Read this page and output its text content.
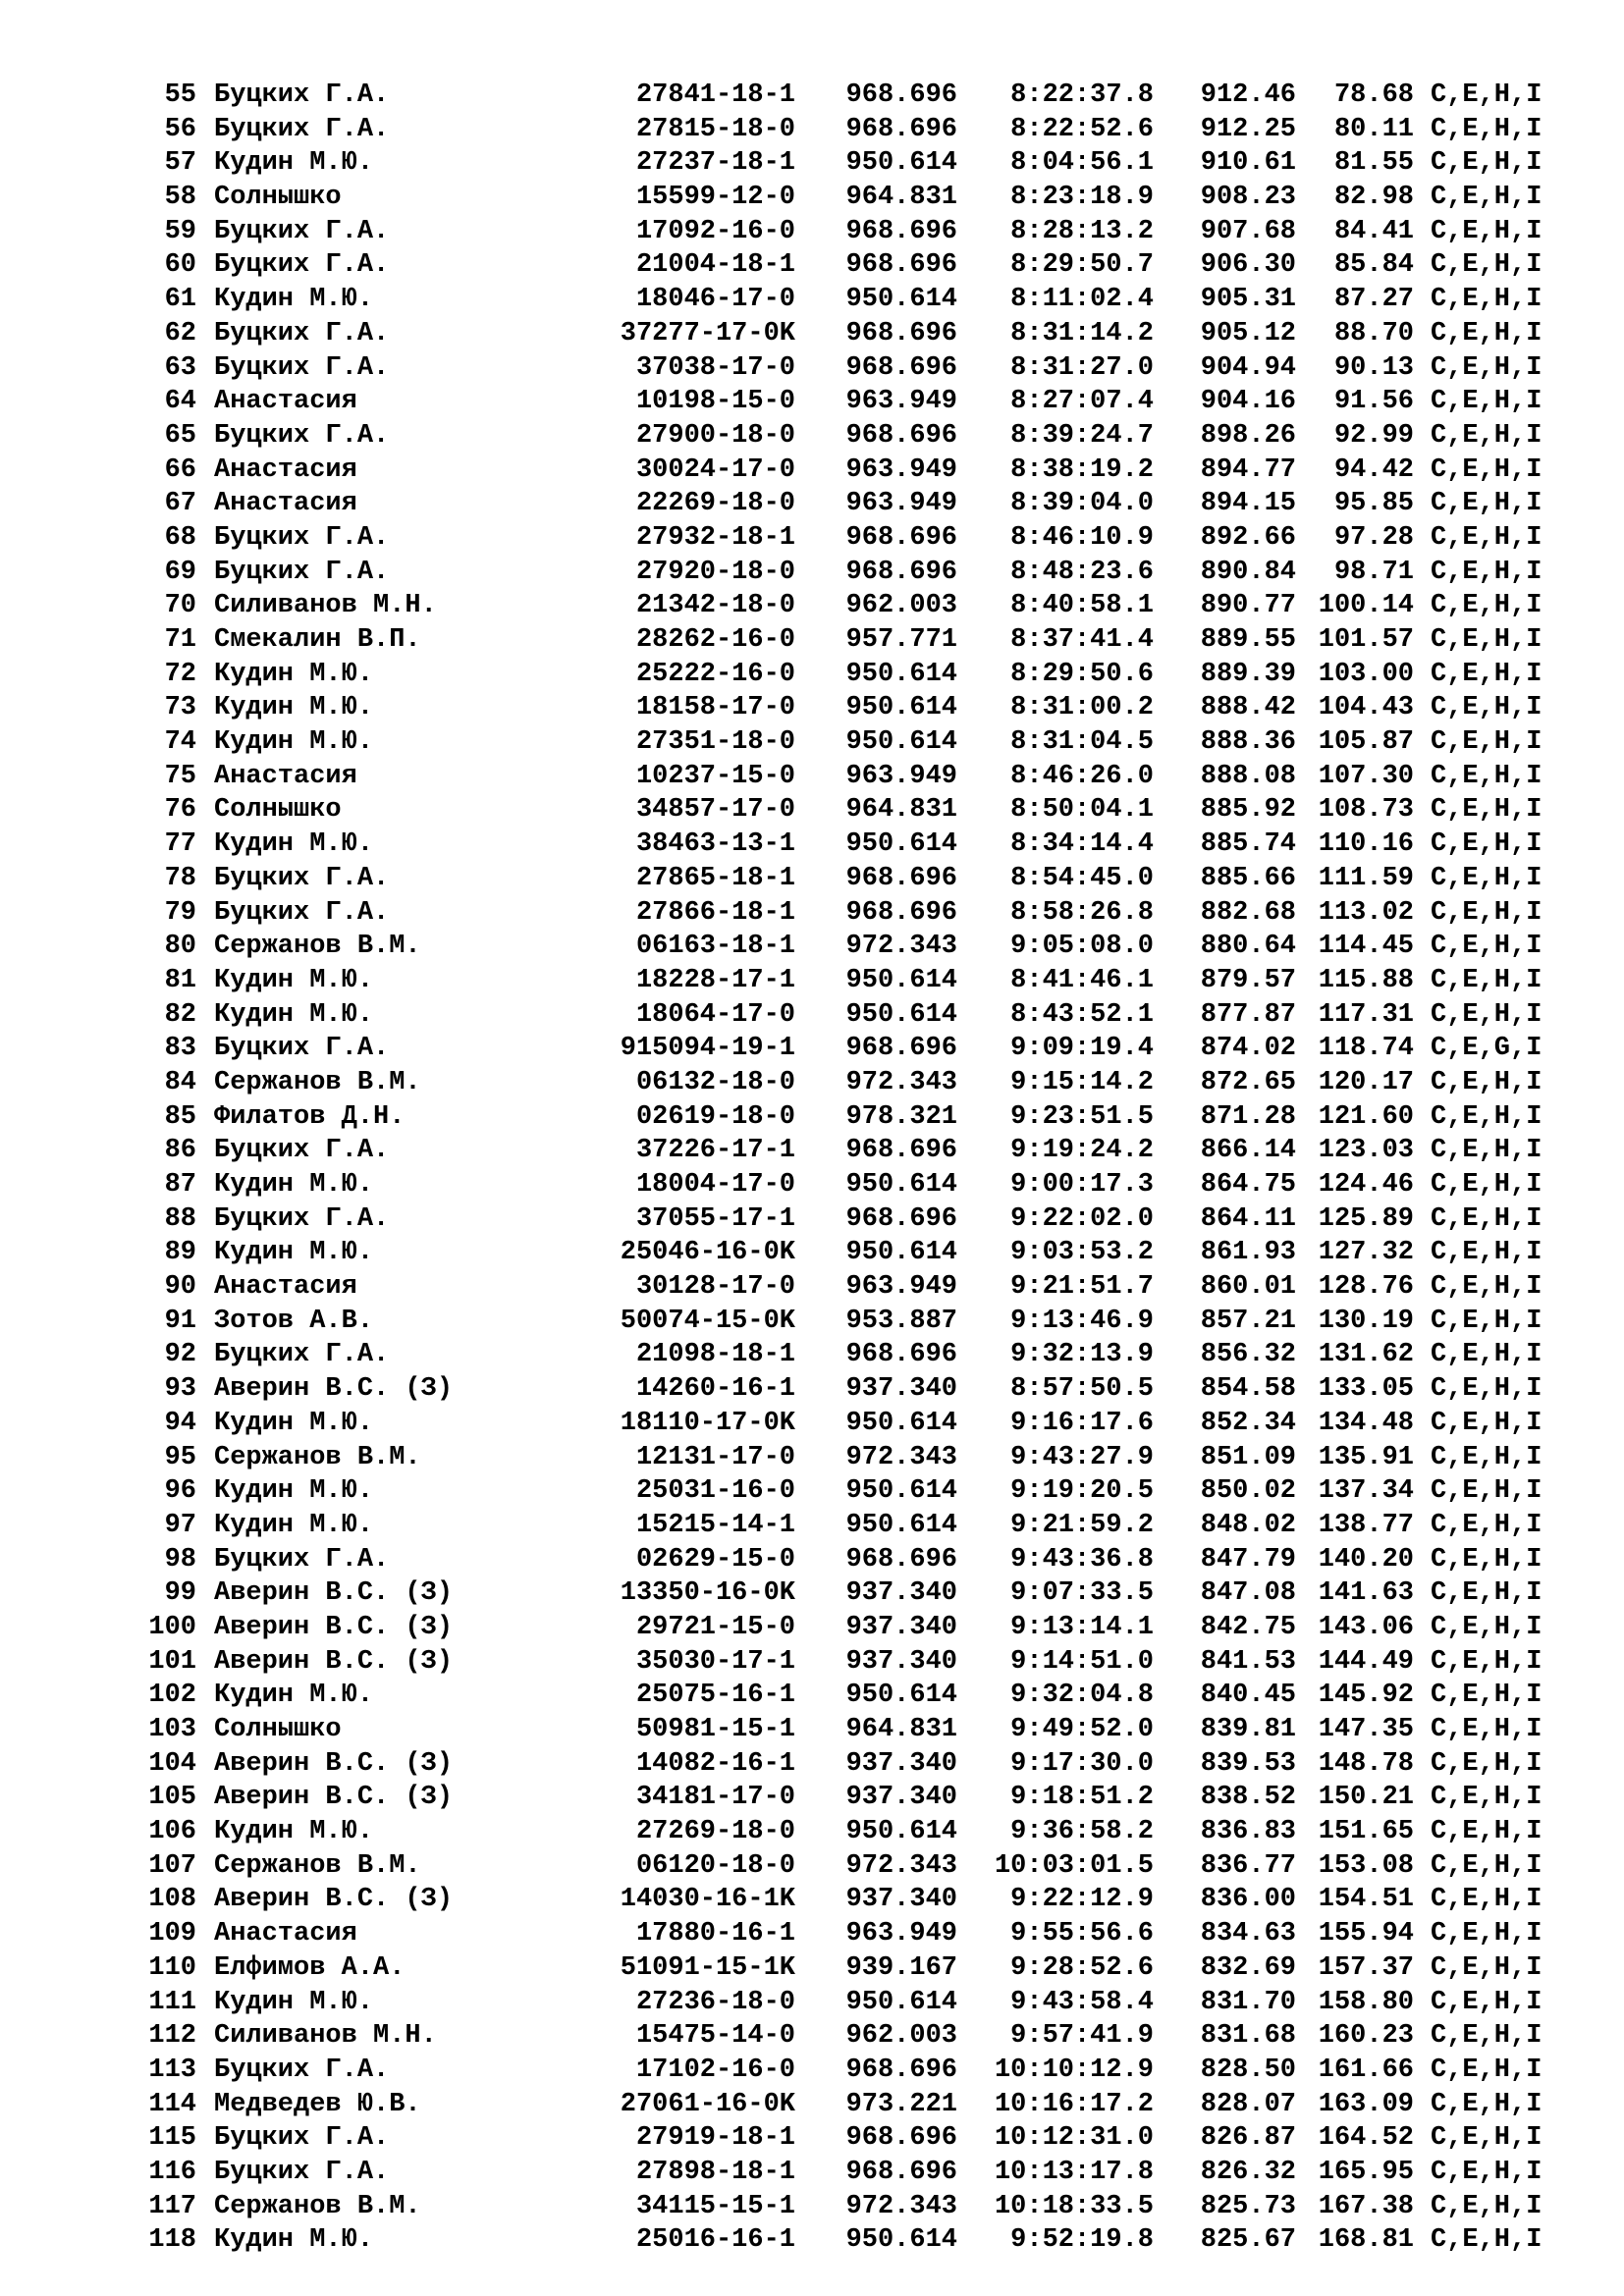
55 Буцких Г.А.	27841-18-1	968.696	8:22:37.8	912.46	78.68 C,E,H,I
56 Буцких Г.А.	27815-18-0	968.696	8:22:52.6	912.25	80.11 C,E,H,I
57 Кудин М.Ю.	27237-18-1	950.614	8:04:56.1	910.61	81.55 C,E,H,I
58 Солнышко	15599-12-0	964.831	8:23:18.9	908.23	82.98 C,E,H,I
59 Буцких Г.А.	17092-16-0	968.696	8:28:13.2	907.68	84.41 C,E,H,I
60 Буцких Г.А.	21004-18-1	968.696	8:29:50.7	906.30	85.84 C,E,H,I
61 Кудин М.Ю.	18046-17-0	950.614	8:11:02.4	905.31	87.27 C,E,H,I
62 Буцких Г.А.	37277-17-0K	968.696	8:31:14.2	905.12	88.70 C,E,H,I
63 Буцких Г.А.	37038-17-0	968.696	8:31:27.0	904.94	90.13 C,E,H,I
64 Анастасия	10198-15-0	963.949	8:27:07.4	904.16	91.56 C,E,H,I
65 Буцких Г.А.	27900-18-0	968.696	8:39:24.7	898.26	92.99 C,E,H,I
66 Анастасия	30024-17-0	963.949	8:38:19.2	894.77	94.42 C,E,H,I
67 Анастасия	22269-18-0	963.949	8:39:04.0	894.15	95.85 C,E,H,I
68 Буцких Г.А.	27932-18-1	968.696	8:46:10.9	892.66	97.28 C,E,H,I
69 Буцких Г.А.	27920-18-0	968.696	8:48:23.6	890.84	98.71 C,E,H,I
70 Силиванов М.Н.	21342-18-0	962.003	8:40:58.1	890.77 100.14 C,E,H,I
71 Смекалин В.П.	28262-16-0	957.771	8:37:41.4	889.55 101.57 C,E,H,I
72 Кудин М.Ю.	25222-16-0	950.614	8:29:50.6	889.39 103.00 C,E,H,I
73 Кудин М.Ю.	18158-17-0	950.614	8:31:00.2	888.42 104.43 C,E,H,I
74 Кудин М.Ю.	27351-18-0	950.614	8:31:04.5	888.36 105.87 C,E,H,I
75 Анастасия	10237-15-0	963.949	8:46:26.0	888.08 107.30 C,E,H,I
76 Солнышко	34857-17-0	964.831	8:50:04.1	885.92 108.73 C,E,H,I
77 Кудин М.Ю.	38463-13-1	950.614	8:34:14.4	885.74 110.16 C,E,H,I
78 Буцких Г.А.	27865-18-1	968.696	8:54:45.0	885.66 111.59 C,E,H,I
79 Буцких Г.А.	27866-18-1	968.696	8:58:26.8	882.68 113.02 C,E,H,I
80 Сержанов В.М.	06163-18-1	972.343	9:05:08.0	880.64 114.45 C,E,H,I
81 Кудин М.Ю.	18228-17-1	950.614	8:41:46.1	879.57 115.88 C,E,H,I
82 Кудин М.Ю.	18064-17-0	950.614	8:43:52.1	877.87 117.31 C,E,H,I
83 Буцких Г.А.	915094-19-1	968.696	9:09:19.4	874.02 118.74 C,E,G,I
84 Сержанов В.М.	06132-18-0	972.343	9:15:14.2	872.65 120.17 C,E,H,I
85 Филатов Д.Н.	02619-18-0	978.321	9:23:51.5	871.28 121.60 C,E,H,I
86 Буцких Г.А.	37226-17-1	968.696	9:19:24.2	866.14 123.03 C,E,H,I
87 Кудин М.Ю.	18004-17-0	950.614	9:00:17.3	864.75 124.46 C,E,H,I
88 Буцких Г.А.	37055-17-1	968.696	9:22:02.0	864.11 125.89 C,E,H,I
89 Кудин М.Ю.	25046-16-0K	950.614	9:03:53.2	861.93 127.32 C,E,H,I
90 Анастасия	30128-17-0	963.949	9:21:51.7	860.01 128.76 C,E,H,I
91 Зотов А.В.	50074-15-0K	953.887	9:13:46.9	857.21 130.19 C,E,H,I
92 Буцких Г.А.	21098-18-1	968.696	9:32:13.9	856.32 131.62 C,E,H,I
93 Аверин В.С. (З)	14260-16-1	937.340	8:57:50.5	854.58 133.05 C,E,H,I
94 Кудин М.Ю.	18110-17-0K	950.614	9:16:17.6	852.34 134.48 C,E,H,I
95 Сержанов В.М.	12131-17-0	972.343	9:43:27.9	851.09 135.91 C,E,H,I
96 Кудин М.Ю.	25031-16-0	950.614	9:19:20.5	850.02 137.34 C,E,H,I
97 Кудин М.Ю.	15215-14-1	950.614	9:21:59.2	848.02 138.77 C,E,H,I
98 Буцких Г.А.	02629-15-0	968.696	9:43:36.8	847.79 140.20 C,E,H,I
99 Аверин В.С. (З)	13350-16-0K	937.340	9:07:33.5	847.08 141.63 C,E,H,I
100 Аверин В.С. (З)	29721-15-0	937.340	9:13:14.1	842.75 143.06 C,E,H,I
101 Аверин В.С. (З)	35030-17-1	937.340	9:14:51.0	841.53 144.49 C,E,H,I
102 Кудин М.Ю.	25075-16-1	950.614	9:32:04.8	840.45 145.92 C,E,H,I
103 Солнышко	50981-15-1	964.831	9:49:52.0	839.81 147.35 C,E,H,I
104 Аверин В.С. (З)	14082-16-1	937.340	9:17:30.0	839.53 148.78 C,E,H,I
105 Аверин В.С. (З)	34181-17-0	937.340	9:18:51.2	838.52 150.21 C,E,H,I
106 Кудин М.Ю.	27269-18-0	950.614	9:36:58.2	836.83 151.65 C,E,H,I
107 Сержанов В.М.	06120-18-0	972.343	10:03:01.5	836.77 153.08 C,E,H,I
108 Аверин В.С. (З)	14030-16-1K	937.340	9:22:12.9	836.00 154.51 C,E,H,I
109 Анастасия	17880-16-1	963.949	9:55:56.6	834.63 155.94 C,E,H,I
110 Елфимов А.А.	51091-15-1K	939.167	9:28:52.6	832.69 157.37 C,E,H,I
111 Кудин М.Ю.	27236-18-0	950.614	9:43:58.4	831.70 158.80 C,E,H,I
112 Силиванов М.Н.	15475-14-0	962.003	9:57:41.9	831.68 160.23 C,E,H,I
113 Буцких Г.А.	17102-16-0	968.696	10:10:12.9	828.50 161.66 C,E,H,I
114 Медведев Ю.В.	27061-16-0K	973.221	10:16:17.2	828.07 163.09 C,E,H,I
115 Буцких Г.А.	27919-18-1	968.696	10:12:31.0	826.87 164.52 C,E,H,I
116 Буцких Г.А.	27898-18-1	968.696	10:13:17.8	826.32 165.95 C,E,H,I
117 Сержанов В.М.	34115-15-1	972.343	10:18:33.5	825.73 167.38 C,E,H,I
118 Кудин М.Ю.	25016-16-1	950.614	9:52:19.8	825.67 168.81 C,E,H,I
